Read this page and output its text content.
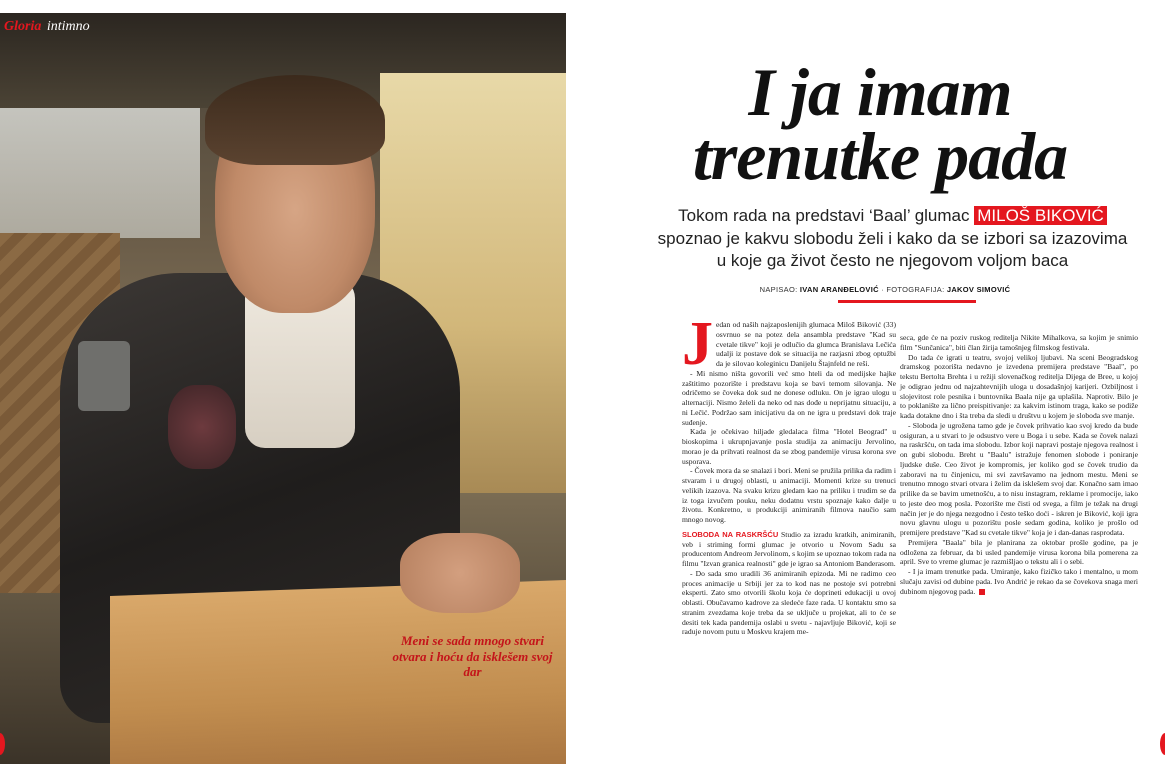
Gloria intimno
Meni se sada mnogo stvari otvara i hoću da isklešem svoj dar
I ja imam
trenutke pada
Tokom rada na predstavi ‘Baal’ glumac MILOŠ BIKOVIĆ spoznao je kakvu slobodu želi i kako da se izbori sa izazovima u koje ga život često ne njegovom voljom baca
NAPISAO: IVAN ARANĐELOVIĆ · FOTOGRAFIJA: JAKOV SIMOVIĆ
J edan od naših najzaposlenijih glumaca Miloš Biković (33) osvrnuo se na potez dela ansambla predstave "Kad su cvetale tikve" koji je odlučio da glumca Branislava Lečića udalji iz postave dok se situacija ne razjasni zbog optužbi da je silovao koleginicu Danijelu Štajnfeld ne reši.

- Mi nismo ništa govorili već smo hteli da od medijske hajke zaštitimo pozorište i predstavu koja se bavi temom silovanja. Ne odričemo se čoveka dok sud ne donese odluku. On je igrao ulogu u alternaciji. Nismo želeli da neko od nas dođe u neprijatnu situaciju, a ni Lečić. Podržao sam inicijativu da on ne igra u predstavi dok traje suđenje.

Kada je očekivao hiljade gledalaca filma "Hotel Beograd" u bioskopima i ukrupnjavanje posla studija za animaciju Jervolino, morao je da prihvati realnost da se zbog pandemije virusa korona sve usporava.

- Čovek mora da se snalazi i bori. Meni se pružila prilika da radim i stvaram i u drugoj oblasti, u animaciji. Momenti krize su trenuci velikih izazova. Na svaku krizu gledam kao na priliku i trudim se da iz toga izvučem pouku, neku dodatnu vrstu spoznaje kako dalje u životu. Konkretno, u produkciji animiranih filmova naučio sam mnogo novog.

SLOBODA NA RASKRŠĆU Studio za izradu kratkih, animiranih, veb i striming formi glumac je otvorio u Novom Sadu sa producentom Andreom Jervolinom, s kojim se upoznao tokom rada na filmu "Izvan granica realnosti" gde je igrao sa Antoniom Banderasom.

- Do sada smo uradili 36 animiranih epizoda. Mi ne radimo ceo proces animacije u Srbiji jer za to kod nas ne postoje svi potrebni eksperti. Zato smo otvorili školu koja će doprineti edukaciji u ovoj oblasti. Obučavamo kadrove za sledeće faze rada. U kontaktu smo sa stranim zvezdama koje treba da se uključe u projekat, ali to će se desiti tek kada pandemija oslabi u svetu - najavljuje Biković, koji se raduje novom putu u Moskvu krajem me-

seca, gde će na poziv ruskog reditelja Nikite Mihalkova, sa kojim je snimio film "Sunčanica", biti član žirija tamošnjeg filmskog festivala.

Do tada će igrati u teatru, svojoj velikoj ljubavi. Na sceni Beogradskog dramskog pozorišta nedavno je izvedena premijera predstave "Baal", po tekstu Bertolta Brehta i u režiji slovenačkog reditelja Dijega de Bree, u kojoj je odigrao jednu od najzahtevnijih uloga u dosadašnjoj karijeri. Ozbiljnost i slojevitost role pesnika i buntovnika Baala nije ga uplašila. Naprotiv. Bilo je to poklanište za lično preispitivanje: za kakvim istinom traga, kako se podiže kada dotakne dno i šta treba da sledi u društvu u kojem je sloboda sve manje.

- Sloboda je ugrožena tamo gde je čovek prihvatio kao svoj kredo da bude osiguran, a u stvari to je odsustvo vere u Boga i u sebe. Kada se čovek nalazi na raskršću, on tada ima slobodu. Izbor koji napravi postaje njegova realnost i on gubi slobodu. Breht u "Baalu" istražuje fenomen slobode i poniranje ljudske duše. Ceo život je kompromis, jer koliko god se čovek trudio da zaboravi na tu činjenicu, mi svi završavamo na jednom mestu. Meni se trenutno mnogo stvari otvara i želim da isklešem svoj dar. Konačno sam imao prilike da se bavim umetnošću, a to nisu instagram, reklame i promocije, iako to jeste deo mog posla. Pozorište me čisti od svega, a film je težak na drugi način jer je do njega nezgodno i često teško doći - iskren je Biković, koji igra novu glavnu ulogu u pozorištu posle sedam godina, koliko je prošlo od premijere predstave "Kad su cvetale tikve" koja je i dan-danas rasprodata.

Premijera "Baala" bila je planirana za oktobar prošle godine, pa je odložena za februar, da bi usled pandemije virusa korona bila pomerena za april. Sve to vreme glumac je razmišljao o tekstu ali i o sebi.

- I ja imam trenutke pada. Umiranje, kako fizičko tako i mentalno, u mom slučaju zavisi od dubine pada. Ivo Andrić je rekao da se čovekova snaga meri dubinom njegovog pada.
